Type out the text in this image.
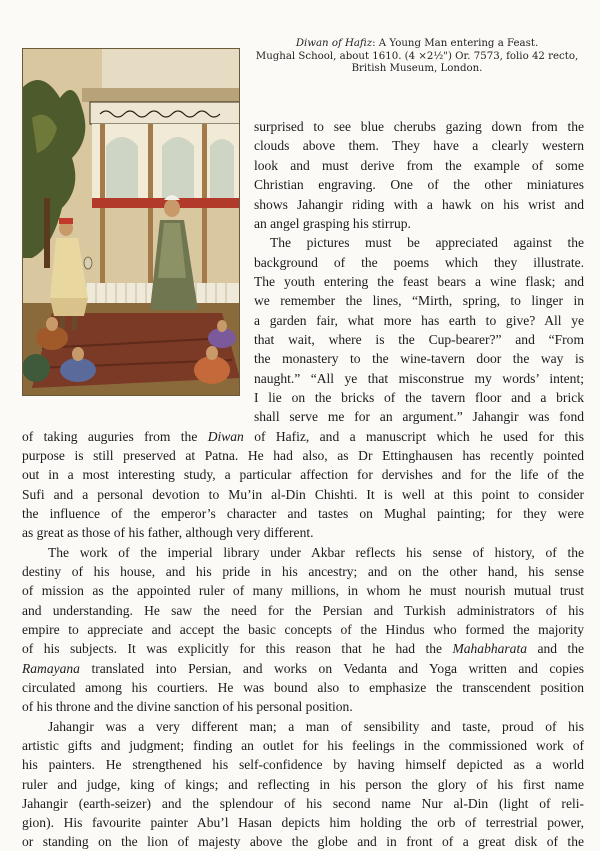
Diwan of Hafiz: A Young Man entering a Feast.
Mughal School, about 1610. (4 ×2½") Or. 7573, folio 42 recto,
British Museum, London.
surprised to see blue cherubs gazing down from the
clouds above them. They have a clearly western
look and must derive from the example of some
Christian engraving. One of the other miniatures
shows Jahangir riding with a hawk on his wrist and
an angel grasping his stirrup.
The pictures must be appreciated against the
background of the poems which they illustrate.
The youth entering the feast bears a wine flask; and
we remember the lines, “Mirth, spring, to linger in
a garden fair, what more has earth to give? All ye
that wait, where is the Cup-bearer?” and “From
the monastery to the wine-tavern door the way is
naught.” “All ye that misconstrue my words’ intent;
I lie on the bricks of the tavern floor and a brick
shall serve me for an argument.” Jahangir was fond
of taking auguries from the Diwan of Hafiz, and a manuscript which he used for this
purpose is still preserved at Patna. He had also, as Dr Ettinghausen has recently pointed
out in a most interesting study, a particular affection for dervishes and for the life of the
Sufi and a personal devotion to Mu’in al-Din Chishti. It is well at this point to consider
the influence of the emperor’s character and tastes on Mughal painting; for they were
as great as those of his father, although very different.
The work of the imperial library under Akbar reflects his sense of history, of the
destiny of his house, and his pride in his ancestry; and on the other hand, his sense
of mission as the appointed ruler of many millions, in whom he must nourish mutual trust
and understanding. He saw the need for the Persian and Turkish administrators of his
empire to appreciate and accept the basic concepts of the Hindus who formed the majority
of his subjects. It was explicitly for this reason that he had the Mahabharata and the
Ramayana translated into Persian, and works on Vedanta and Yoga written and copies
circulated among his courtiers. He was bound also to emphasize the transcendent position
of his throne and the divine sanction of his personal position.
Jahangir was a very different man; a man of sensibility and taste, proud of his
artistic gifts and judgment; finding an outlet for his feelings in the commissioned work of
his painters. He strengthened his self-confidence by having himself depicted as a world
ruler and judge, king of kings; and reflecting in his person the glory of his first name
Jahangir (earth-seizer) and the splendour of his second name Nur al-Din (light of reli-
gion). His favourite painter Abu’l Hasan depicts him holding the orb of terrestrial power,
or standing on the lion of majesty above the globe and in front of a great disk of the
